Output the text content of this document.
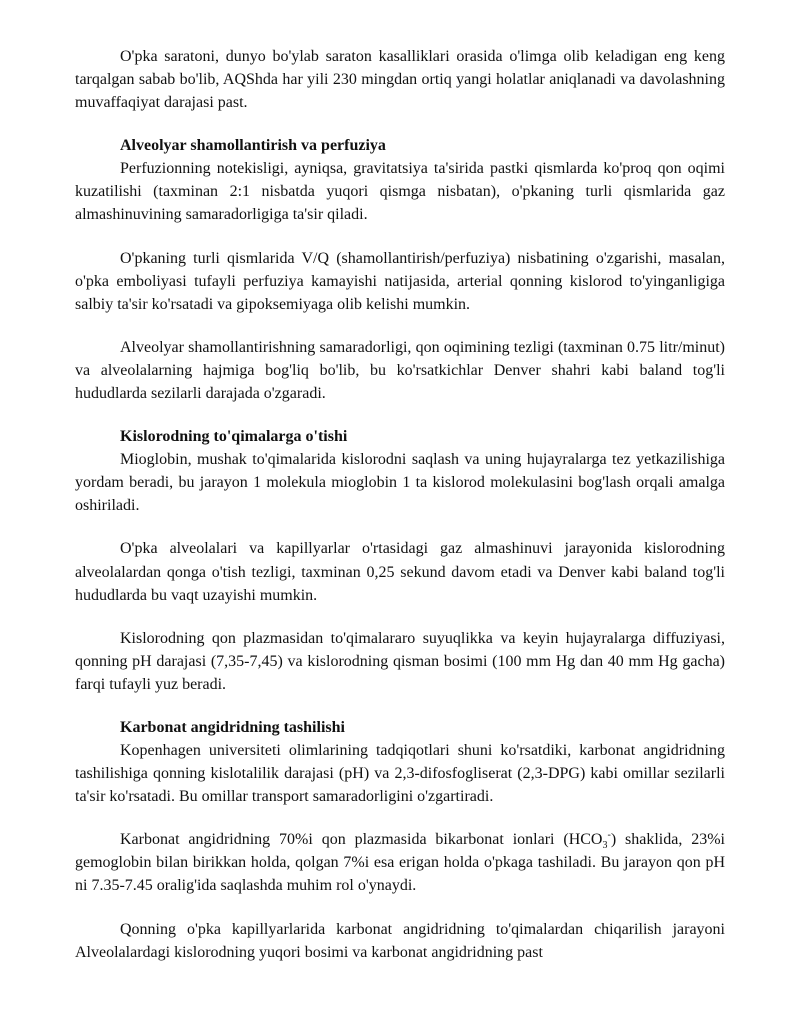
O'pka saratoni, dunyo bo'ylab saraton kasalliklari orasida o'limga olib keladigan eng keng tarqalgan sabab bo'lib, AQShda har yili 230 mingdan ortiq yangi holatlar aniqlanadi va davolashning muvaffaqiyat darajasi past.

Alveolyar shamollantirish va perfuziya

Perfuzionning notekisligi, ayniqsa, gravitatsiya ta'sirida pastki qismlarda ko'proq qon oqimi kuzatilishi (taxminan 2:1 nisbatda yuqori qismga nisbatan), o'pkaning turli qismlarida gaz almashinuvining samaradorligiga ta'sir qiladi.

O'pkaning turli qismlarida V/Q (shamollantirish/perfuziya) nisbatining o'zgarishi, masalan, o'pka emboliyasi tufayli perfuziya kamayishi natijasida, arterial qonning kislorod to'yinganligiga salbiy ta'sir ko'rsatadi va gipoksemiyaga olib kelishi mumkin.

Alveolyar shamollantirishning samaradorligi, qon oqimining tezligi (taxminan 0.75 litr/minut) va alveolalarning hajmiga bog'liq bo'lib, bu ko'rsatkichlar Denver shahri kabi baland tog'li hududlarda sezilarli darajada o'zgaradi.

Kislorodning to'qimalarga o'tishi

Mioglobin, mushak to'qimalarida kislorodni saqlash va uning hujayralarga tez yetkazilishiga yordam beradi, bu jarayon 1 molekula mioglobin 1 ta kislorod molekulasini bog'lash orqali amalga oshiriladi.

O'pka alveolalari va kapillyarlar o'rtasidagi gaz almashinuvi jarayonida kislorodning alveolalardan qonga o'tish tezligi, taxminan 0,25 sekund davom etadi va Denver kabi baland tog'li hududlarda bu vaqt uzayishi mumkin.

Kislorodning qon plazmasidan to'qimalararo suyuqlikka va keyin hujayralarga diffuziyasi, qonning pH darajasi (7,35-7,45) va kislorodning qisman bosimi (100 mm Hg dan 40 mm Hg gacha) farqi tufayli yuz beradi.

Karbonat angidridning tashilishi

Kopenhagen universiteti olimlarining tadqiqotlari shuni ko'rsatdiki, karbonat angidridning tashilishiga qonning kislotalilik darajasi (pH) va 2,3-difosfogliserat (2,3-DPG) kabi omillar sezilarli ta'sir ko'rsatadi. Bu omillar transport samaradorligini o'zgartiradi.

Karbonat angidridning 70%i qon plazmasida bikarbonat ionlari $(HCO_3^-)$ shaklida, 23%i gemoglobin bilan birikkan holda, qolgan 7%i esa erigan holda o'pkaga tashiladi. Bu jarayon qon pH ni 7.35-7.45 oralig'ida saqlashda muhim rol o'ynaydi.

Qonning o'pka kapillyarlarida karbonat angidridning to'qimalardan chiqarilish jarayoni Alveolalardagi kislorodning yuqori bosimi va karbonat angidridning past
